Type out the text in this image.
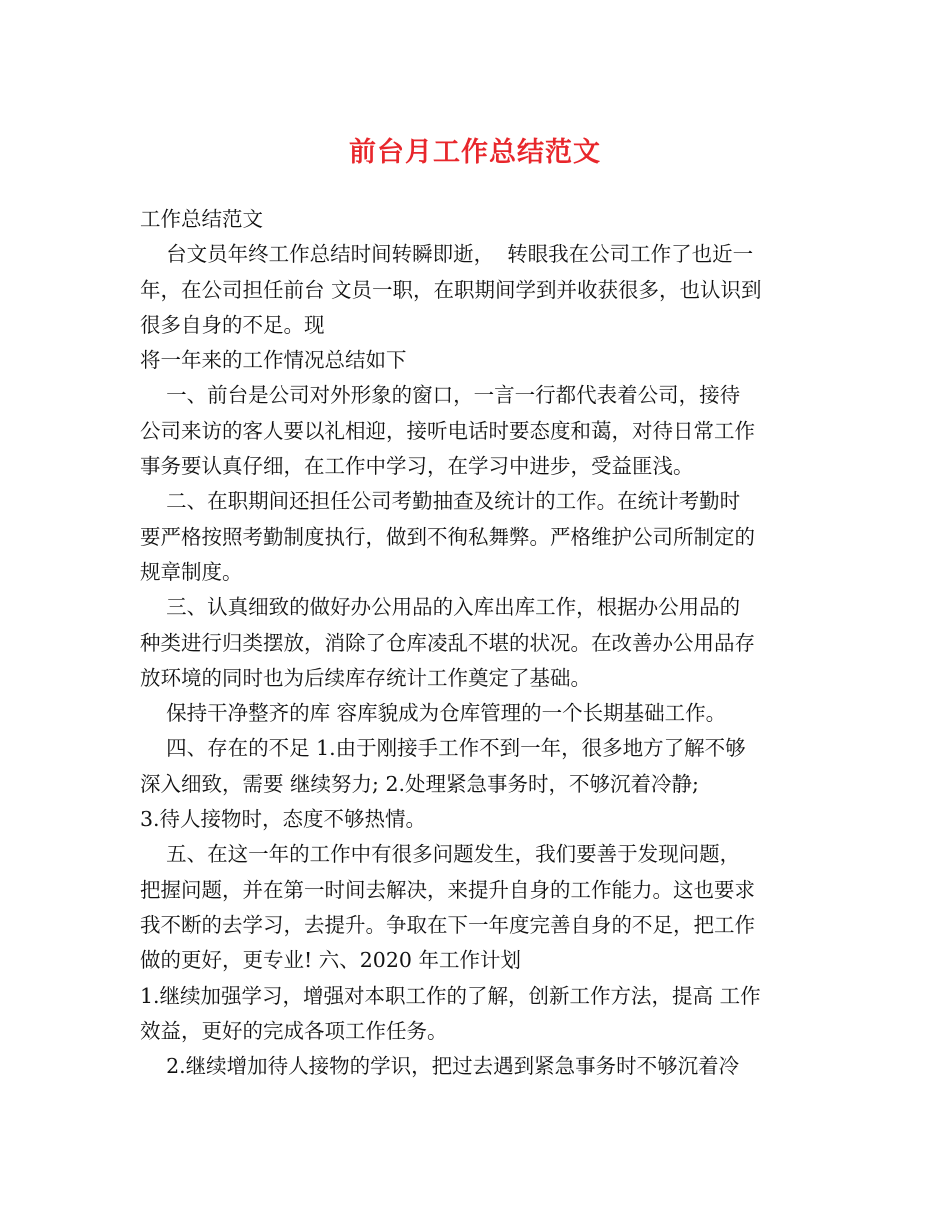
前台月工作总结范文
工作总结范文
台文员年终工作总结时间转瞬即逝，  转眼我在公司工作了也近一
年，在公司担任前台 文员一职，在职期间学到并收获很多，也认识到
很多自身的不足。现
将一年来的工作情况总结如下
一、前台是公司对外形象的窗口，一言一行都代表着公司，接待
公司来访的客人要以礼相迎，接听电话时要态度和蔼，对待日常工作
事务要认真仔细，在工作中学习，在学习中进步，受益匪浅。
二、在职期间还担任公司考勤抽查及统计的工作。在统计考勤时
要严格按照考勤制度执行，做到不徇私舞弊。严格维护公司所制定的
规章制度。
三、认真细致的做好办公用品的入库出库工作，根据办公用品的
种类进行归类摆放，消除了仓库凌乱不堪的状况。在改善办公用品存
放环境的同时也为后续库存统计工作奠定了基础。
保持干净整齐的库 容库貌成为仓库管理的一个长期基础工作。
四、存在的不足 1.由于刚接手工作不到一年，很多地方了解不够
深入细致，需要 继续努力; 2.处理紧急事务时，不够沉着冷静;
3.待人接物时，态度不够热情。
五、在这一年的工作中有很多问题发生，我们要善于发现问题，
把握问题，并在第一时间去解决，来提升自身的工作能力。这也要求
我不断的去学习，去提升。争取在下一年度完善自身的不足，把工作
做的更好，更专业! 六、2020 年工作计划
1.继续加强学习，增强对本职工作的了解，创新工作方法，提高 工作
效益，更好的完成各项工作任务。
2.继续增加待人接物的学识，把过去遇到紧急事务时不够沉着冷
